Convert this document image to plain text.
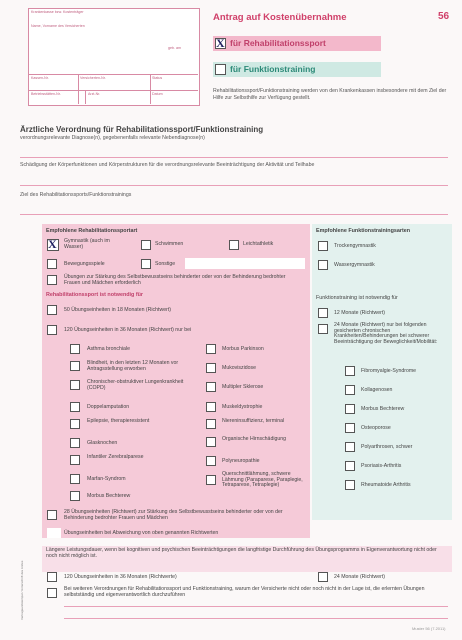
Krankenkasse bzw. Kostenträger
Name, Vorname des Versicherten
geb. am
Kassen-Nr.	Versicherten-Nr.	Status
Betriebsstätten-Nr.	Arzt-Nr.	Datum
Antrag auf Kostenübernahme	56
X
für Rehabilitationssport
für Funktionstraining
Rehabilitationssport/Funktionstraining werden von den Krankenkassen insbesondere mit dem Ziel der Hilfe zur Selbsthilfe zur Verfügung gestellt.
Ärztliche Verordnung für Rehabilitationssport/Funktionstraining
verordnungsrelevante Diagnose(n), gegebenenfalls relevante Nebendiagnose(n)
Schädigung der Körperfunktionen und Körperstrukturen für die verordnungsrelevante Beeinträchtigung der Aktivität und Teilhabe
Ziel des Rehabilitationssports/Funktionstrainings
Empfohlene Rehabilitationssportart
X
Gymnastik (auch im Wasser)	Schwimmen	Leichtathletik
Bewegungsspiele	Sonstige
Übungen zur Stärkung des Selbstbewusstseins behinderter oder von der Behinderung bedrohter Frauen und Mädchen erforderlich
Rehabilitationssport ist notwendig für
50 Übungseinheiten in 18 Monaten (Richtwert)
120 Übungseinheiten in 36 Monaten (Richtwert) nur bei
Asthma bronchiale
Blindheit, in den letzten 12 Monaten vor Antragsstellung erworben
Chronischer-obstruktiver Lungenkrankheit (COPD)
Doppelamputation
Epilepsie, therapieresistent
Glasknochen
Infantiler Zerebralparese
Marfan-Syndrom
Morbus Bechterew
Morbus Parkinson
Mukoviszidose
Multipler Sklerose
Muskeldystrophie
Niereninsuffizienz, terminal
Organische Hirnschädigung
Polyneuropathie
Querschnittlähmung, schwere Lähmung (Paraparese, Paraplegie, Tetraparese, Tetraplegie)
Empfohlene Funktionstrainingsarten
Trockengymnastik
Wassergymnastik
Funktionstraining ist notwendig für
12 Monate (Richtwert)
24 Monate (Richtwert) nur bei folgenden gesicherten chronischen Krankheiten/Behinderungen bei schwerer Beeinträchtigung der Beweglichkeit/Mobilität:
Fibromyalgie-Syndrome
Kollagenosen
Morbus Bechterew
Osteoporose
Polyarthrosen, schwer
Psoriasis-Arthritis
Rheumatoide Arthritis
28 Übungseinheiten (Richtwert) zur Stärkung des Selbstbewusstseins behinderter oder von der Behinderung bedrohter Frauen und Mädchen
Übungseinheiten bei Abweichung von oben genannten Richtwerten
Längere Leistungsdauer, wenn bei kognitiven und psychischen Beeinträchtigungen die langfristige Durchführung des Übungsprogramms in Eigenverantwortung nicht oder noch nicht möglich ist.
120 Übungseinheiten in 36 Monaten (Richtwerte)	24 Monate (Richtwert)
Bei weiteren Verordnungen für Rehabilitationssport und Funktionstraining, warum der Versicherte nicht oder noch nicht in der Lage ist, die erlernten Übungen selbstständig und eigenverantwortlich durchzuführen
Muster 56 (7.2011)
Vertragsarztstempel / Unterschrift des Arztes
